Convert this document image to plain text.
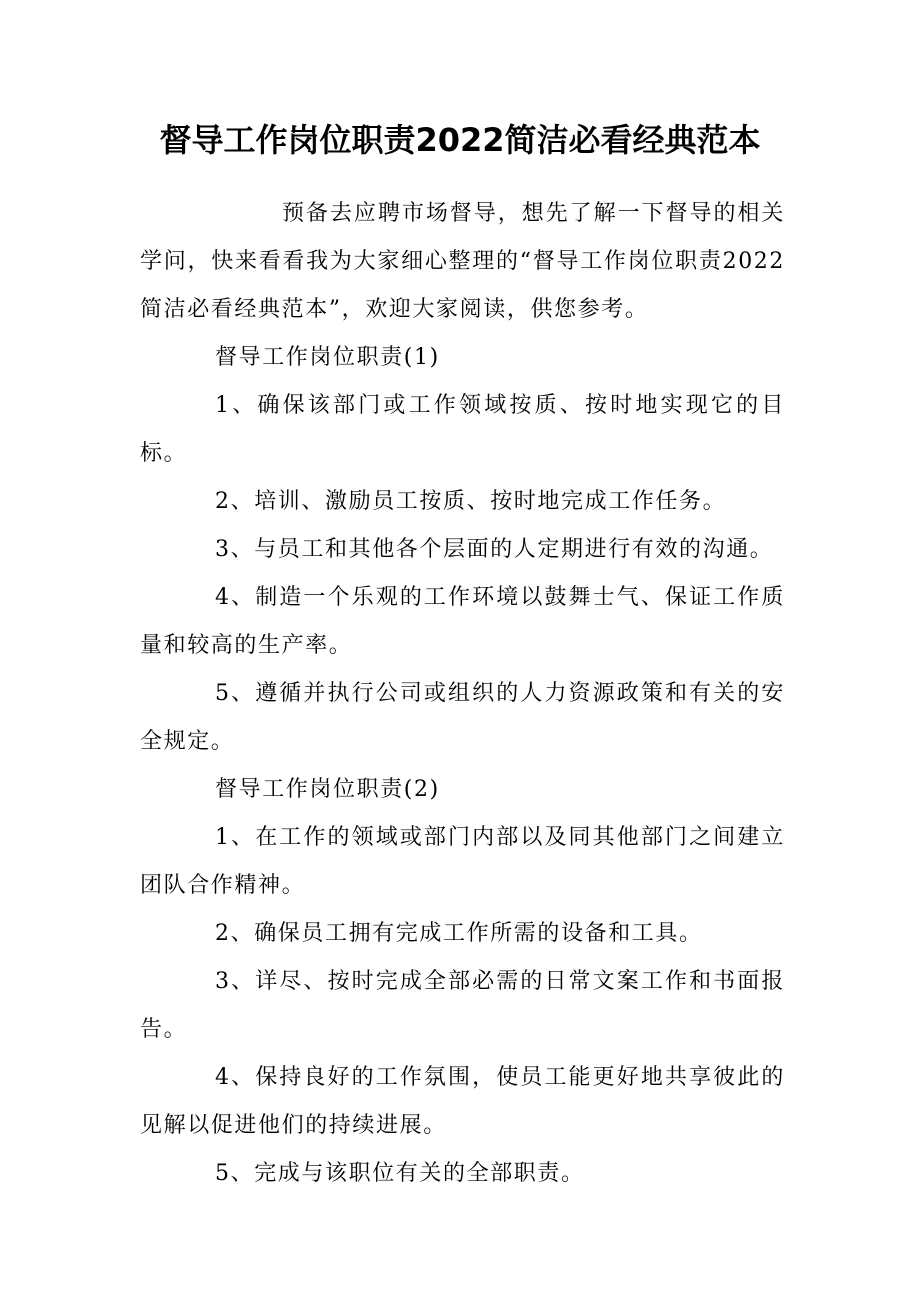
督导工作岗位职责2022简洁必看经典范本

预备去应聘市场督导，想先了解一下督导的相关学问，快来看看我为大家细心整理的“督导工作岗位职责2022简洁必看经典范本”，欢迎大家阅读，供您参考。

督导工作岗位职责(1)

1、确保该部门或工作领域按质、按时地实现它的目标。

2、培训、激励员工按质、按时地完成工作任务。

3、与员工和其他各个层面的人定期进行有效的沟通。

4、制造一个乐观的工作环境以鼓舞士气、保证工作质量和较高的生产率。

5、遵循并执行公司或组织的人力资源政策和有关的安全规定。

督导工作岗位职责(2)

1、在工作的领域或部门内部以及同其他部门之间建立团队合作精神。

2、确保员工拥有完成工作所需的设备和工具。

3、详尽、按时完成全部必需的日常文案工作和书面报告。

4、保持良好的工作氛围，使员工能更好地共享彼此的见解以促进他们的持续进展。

5、完成与该职位有关的全部职责。
